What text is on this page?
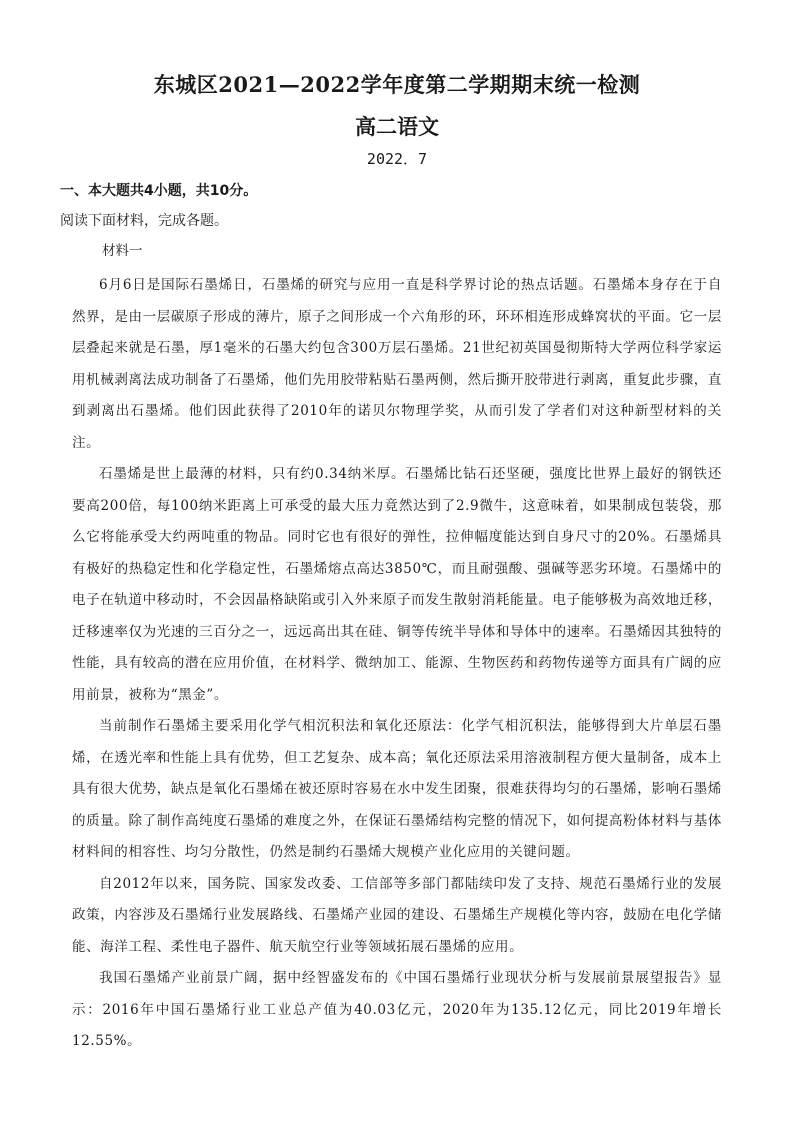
东城区2021—2022学年度第二学期期末统一检测
高二语文
2022．7
一、本大题共4小题，共10分。
阅读下面材料，完成各题。
材料一

6月6日是国际石墨烯日，石墨烯的研究与应用一直是科学界讨论的热点话题。石墨烯本身存在于自然界，是由一层碳原子形成的薄片，原子之间形成一个六角形的环，环环相连形成蜂窝状的平面。它一层层叠起来就是石墨，厚1毫米的石墨大约包含300万层石墨烯。21世纪初英国曼彻斯特大学两位科学家运用机械剥离法成功制备了石墨烯，他们先用胶带粘贴石墨两侧，然后撕开胶带进行剥离，重复此步骤，直到剥离出石墨烯。他们因此获得了2010年的诺贝尔物理学奖，从而引发了学者们对这种新型材料的关注。

石墨烯是世上最薄的材料，只有约0.34纳米厚。石墨烯比钻石还坚硬，强度比世界上最好的钢铁还要高200倍，每100纳米距离上可承受的最大压力竟然达到了2.9微牛，这意味着，如果制成包装袋，那么它将能承受大约两吨重的物品。同时它也有很好的弹性，拉伸幅度能达到自身尺寸的20%。石墨烯具有极好的热稳定性和化学稳定性，石墨烯熔点高达3850℃，而且耐强酸、强碱等恶劣环境。石墨烯中的电子在轨道中移动时，不会因晶格缺陷或引入外来原子而发生散射消耗能量。电子能够极为高效地迁移，迁移速率仅为光速的三百分之一，远远高出其在硅、铜等传统半导体和导体中的速率。石墨烯因其独特的性能，具有较高的潜在应用价值，在材料学、微纳加工、能源、生物医药和药物传递等方面具有广阔的应用前景，被称为“黑金”。

当前制作石墨烯主要采用化学气相沉积法和氧化还原法：化学气相沉积法，能够得到大片单层石墨烯，在透光率和性能上具有优势，但工艺复杂、成本高；氧化还原法采用溶液制程方便大量制备，成本上具有很大优势，缺点是氧化石墨烯在被还原时容易在水中发生团聚，很难获得均匀的石墨烯，影响石墨烯的质量。除了制作高纯度石墨烯的难度之外，在保证石墨烯结构完整的情况下，如何提高粉体材料与基体材料间的相容性、均匀分散性，仍然是制约石墨烯大规模产业化应用的关键问题。

自2012年以来，国务院、国家发改委、工信部等多部门都陆续印发了支持、规范石墨烯行业的发展政策，内容涉及石墨烯行业发展路线、石墨烯产业园的建设、石墨烯生产规模化等内容，鼓励在电化学储能、海洋工程、柔性电子器件、航天航空行业等领域拓展石墨烯的应用。

我国石墨烯产业前景广阔，据中经智盛发布的《中国石墨烯行业现状分析与发展前景展望报告》显示：2016年中国石墨烯行业工业总产值为40.03亿元，2020年为135.12亿元，同比2019年增长12.55%。
